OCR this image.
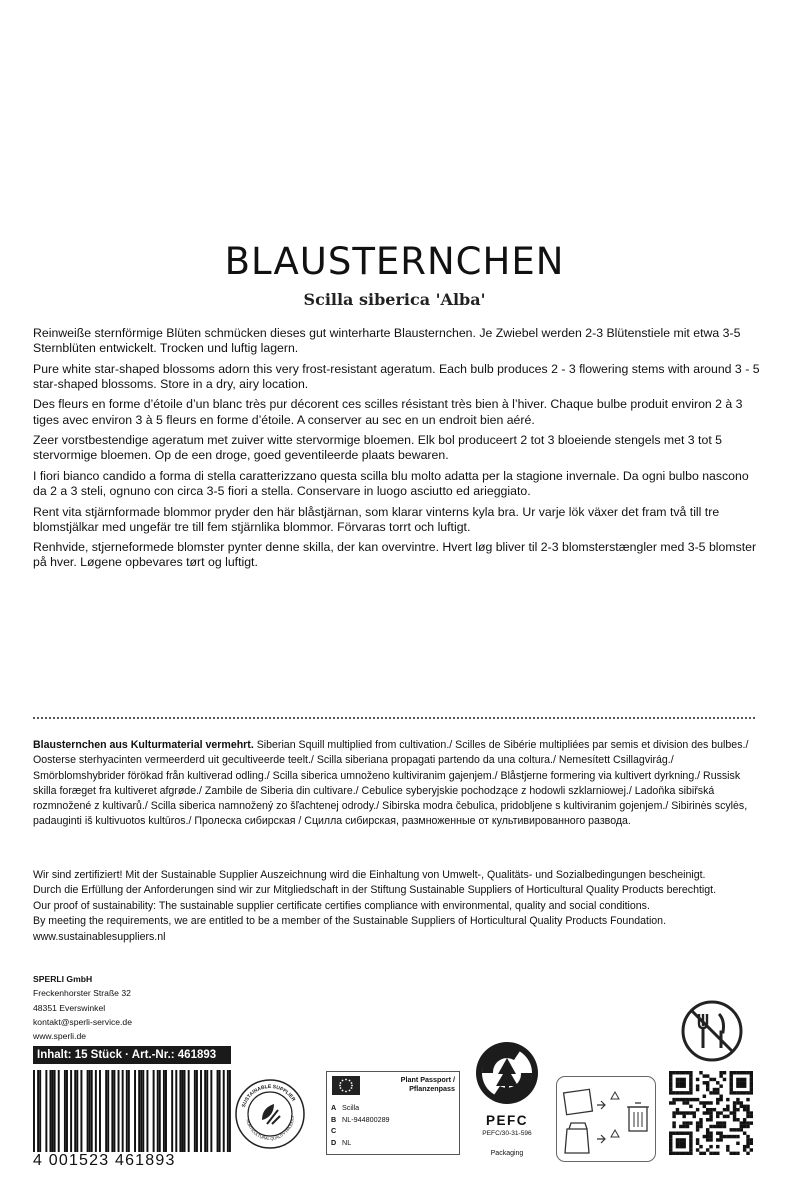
BLAUSTERNCHEN
Scilla siberica 'Alba'

Reinweiße sternförmige Blüten schmücken dieses gut winterharte Blausternchen. Je Zwiebel werden 2-3 Blütenstiele mit etwa 3-5 Sternblüten entwickelt. Trocken und luftig lagern.

Pure white star-shaped blossoms adorn this very frost-resistant ageratum. Each bulb produces 2 - 3 flowering stems with around 3 - 5 star-shaped blossoms. Store in a dry, airy location.

Des fleurs en forme d’étoile d’un blanc très pur décorent ces scilles résistant très bien à l’hiver. Chaque bulbe produit environ 2 à 3 tiges avec environ 3 à 5 fleurs en forme d’étoile. A conserver au sec en un endroit bien aéré.

Zeer vorstbestendige ageratum met zuiver witte stervormige bloemen. Elk bol produceert 2 tot 3 bloeiende stengels met 3 tot 5 stervormige bloemen. Op de een droge, goed geventileerde plaats bewaren.

I fiori bianco candido a forma di stella caratterizzano questa scilla blu molto adatta per la stagione invernale. Da ogni bulbo nascono da 2 a 3 steli, ognuno con circa 3-5 fiori a stella. Conservare in luogo asciutto ed arieggiato.

Rent vita stjärnformade blommor pryder den här blåstjärnan, som klarar vinterns kyla bra. Ur varje lök växer det fram två till tre blomstjälkar med ungefär tre till fem stjärnlika blommor. Förvaras torrt och luftigt.

Renhvide, stjerneformede blomster pynter denne skilla, der kan overvintre. Hvert løg bliver til 2-3 blomsterstængler med 3-5 blomster på hver. Løgene opbevares tørt og luftigt.

Blausternchen aus Kulturmaterial vermehrt. Siberian Squill multiplied from cultivation./ Scilles de Sibérie multipliées par semis et division des bulbes./ Oosterse sterhyacinten vermeerderd uit gecultiveerde teelt./ Scilla siberiana propagati partendo da una coltura./ Nemesített Csillagvirág./ Smörblomshybrider förökad från kultiverad odling./ Scilla siberica umnoženo kultiviranim gajenjem./ Blåstjerne formering via kultivert dyrkning./ Russisk skilla foræget fra kultiveret afgrøde./ Zambile de Siberia din cultivare./ Cebulice syberyjskie pochodzące z hodowli szklarniowej./ Ladoňka sibiřská rozmnožené z kultivarů./ Scilla siberica namnožený zo šľachtenej odrody./ Sibirska modra čebulica, pridobljene s kultiviranim gojenjem./ Sibirinės scylės, padauginti iš kultivuotos kultūros./ Пролеска сибирская / Сцилла сибирская, размноженные от культивированного развода.
Wir sind zertifiziert! Mit der Sustainable Supplier Auszeichnung wird die Einhaltung von Umwelt-, Qualitäts- und Sozialbedingungen bescheinigt.
Durch die Erfüllung der Anforderungen sind wir zur Mitgliedschaft in der Stiftung Sustainable Suppliers of Horticultural Quality Products berechtigt.
Our proof of sustainability: The sustainable supplier certificate certifies compliance with environmental, quality and social conditions.
By meeting the requirements, we are entitled to be a member of the Sustainable Suppliers of Horticultural Quality Products Foundation.
www.sustainablesuppliers.nl
SPERLI GmbH
Freckenhorster Straße 32
48351 Everswinkel
kontakt@sperli-service.de
www.sperli.de
Inhalt: 15 Stück · Art.-Nr.: 461893
4 001523 461893
SUSTAINABLE SUPPLIER
HORTICULTURAL QUALITY PRODUCT
Plant Passport / Pflanzenpass
A Scilla
B NL-944800289
C
D NL
PEFC
PEFC/30-31-596
Packaging
